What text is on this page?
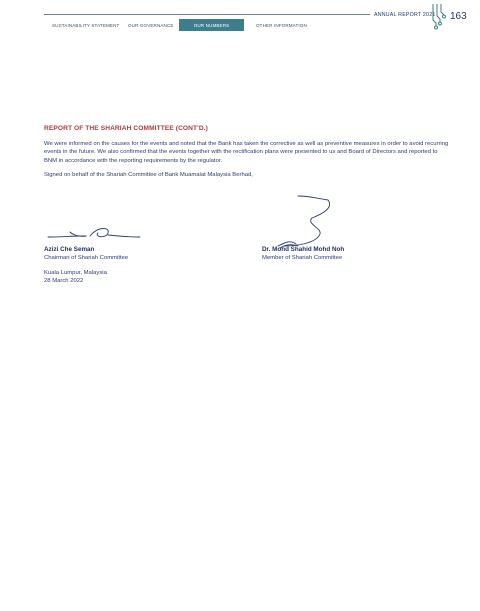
ANNUAL REPORT 2021 163
SUSTAINABILITY STATEMENT OUR GOVERNANCE	OUR NUMBERS	OTHER INFORMATION
REPORT OF THE SHARIAH COMMITTEE (CONT'D.)
We were informed on the causes for the events and noted that the Bank has taken the corrective as well as preventive measures in order to avoid recurring events in the future. We also confirmed that the events together with the rectification plans were presented to us and Board of Directors and reported to BNM in accordance with the reporting requirements by the regulator.
Signed on behalf of the Shariah Committee of Bank Muamalat Malaysia Berhad,
Azizi Che Seman
Chairman of Shariah Committee
Dr. Mohd Shahid Mohd Noh
Member of Shariah Committee
Kuala Lumpur, Malaysia
28 March 2022
